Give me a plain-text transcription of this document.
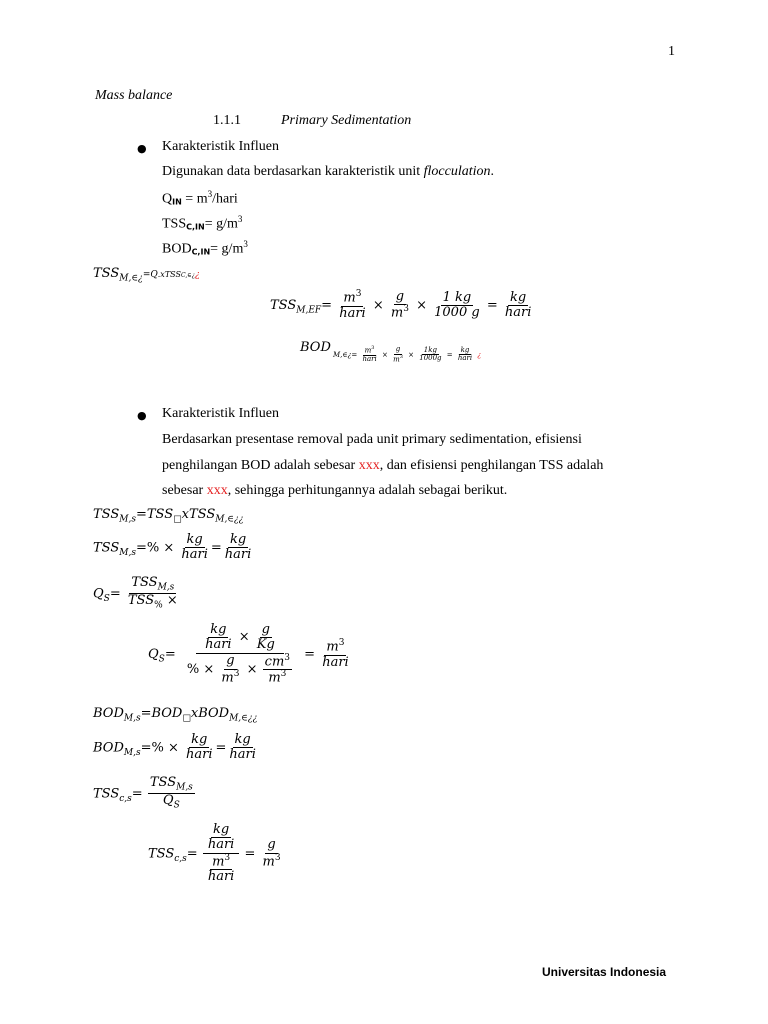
1
Mass balance
1.1.1	Primary Sedimentation
● Karakteristik Influen
Digunakan data berdasarkan karakteristik unit flocculation.
$Q_{IN}$ = $m^3$/hari
$TSS_{C,IN}= g/m^3$
$BOD_{C,IN}= g/m^3$
$TSS_{M,\in¿}=Q.xTSSC,\in¿¿$
$TSS_{M,EF}= \frac{m^3}{\text{hari}} \times \frac{g}{m^3} \times \frac{1 kg}{1000 g} = \frac{kg}{\text{hari}}$
BOD M,∈¿= $\frac{m^3}{\text{hari}} \times \frac{g}{m^3} \times \frac{1kg}{1000g} = \frac{kg}{\text{hari}}$ ¿
● Karakteristik Influen
Berdasarkan presentase removal pada unit primary sedimentation, efisiensi
penghilangan BOD adalah sebesar xxx, dan efisiensi penghilangan TSS adalah
sebesar xxx, sehingga perhitungannya adalah sebagai berikut.
$TSS_{M,s}=TSS_□xTSS_{M,\in¿¿}$
$TSS_{M,s}=\% \times \frac{kg}{\text{hari}} = \frac{kg}{\text{hari}}$
$Q_S= \frac{TSS_{M,s}}{TSS_{\%} \times}$
$Q_S= \frac{\frac{kg}{\text{hari}} \times \frac{g}{Kg}}{\% \times \frac{g}{m^3} \times \frac{cm^3}{m^3}} = \frac{m^3}{\text{hari}}$
$BOD_{M,s}=BOD_□xBOD_{M,\in¿¿}$
$BOD_{M,s}=\% \times \frac{kg}{\text{hari}} = \frac{kg}{\text{hari}}$
$TSS_{c,s}= \frac{TSS_{M,s}}{Q_S}$
$TSS_{c,s}= \frac{\frac{kg}{\text{hari}}}{\frac{m^3}{\text{hari}}} = \frac{g}{m^3}$
Universitas Indonesia
